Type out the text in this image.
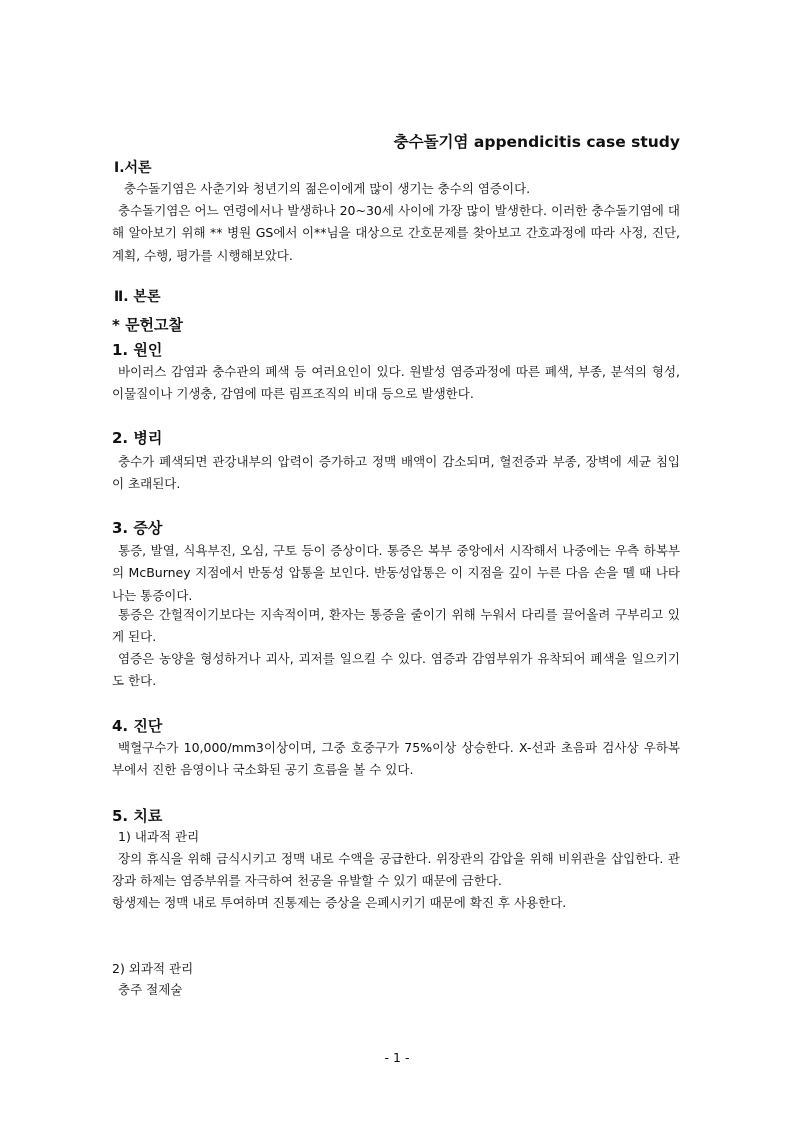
충수돌기염 appendicitis case study
Ⅰ.서론
충수돌기염은 사춘기와 청년기의 젊은이에게 많이 생기는 충수의 염증이다.
충수돌기염은 어느 연령에서나 발생하나 20~30세 사이에 가장 많이 발생한다. 이러한 충수돌기염에 대해 알아보기 위해 ** 병원 GS에서 이**님을 대상으로 간호문제를 찾아보고 간호과정에 따라 사정, 진단, 계획, 수행, 평가를 시행해보았다.
Ⅱ. 본론
* 문헌고찰
1. 원인
바이러스 감염과 충수관의 폐색 등 여러요인이 있다. 원발성 염증과정에 따른 폐색, 부종, 분석의 형성, 이물질이나 기생충, 감염에 따른 림프조직의 비대 등으로 발생한다.
2. 병리
충수가 폐색되면 관강내부의 압력이 증가하고 정맥 배액이 감소되며, 혈전증과 부종, 장벽에 세균 침입이 초래된다.
3. 증상
통증, 발열, 식욕부진, 오심, 구토 등이 증상이다. 통증은 복부 중앙에서 시작해서 나중에는 우측 하복부의 McBurney 지점에서 반동성 압통을 보인다. 반동성압통은 이 지점을 깊이 누른 다음 손을 뗄 때 나타나는 통증이다.
통증은 간헐적이기보다는 지속적이며, 환자는 통증을 줄이기 위해 누워서 다리를 끌어올려 구부리고 있게 된다.
염증은 농양을 형성하거나 괴사, 괴저를 일으킬 수 있다. 염증과 감염부위가 유착되어 폐색을 일으키기도 한다.
4. 진단
백혈구수가 10,000/mm3이상이며, 그중 호중구가 75%이상 상승한다. X-선과 초음파 검사상 우하복부에서 진한 음영이나 국소화된 공기 흐름을 볼 수 있다.
5. 치료
1) 내과적 관리
장의 휴식을 위해 금식시키고 정맥 내로 수액을 공급한다. 위장관의 감압을 위해 비위관을 삽입한다. 관장과 하제는 염증부위를 자극하여 천공을 유발할 수 있기 때문에 금한다.
항생제는 정맥 내로 투여하며 진통제는 증상을 은폐시키기 때문에 확진 후 사용한다.
2) 외과적 관리
충주 절제술
- 1 -
